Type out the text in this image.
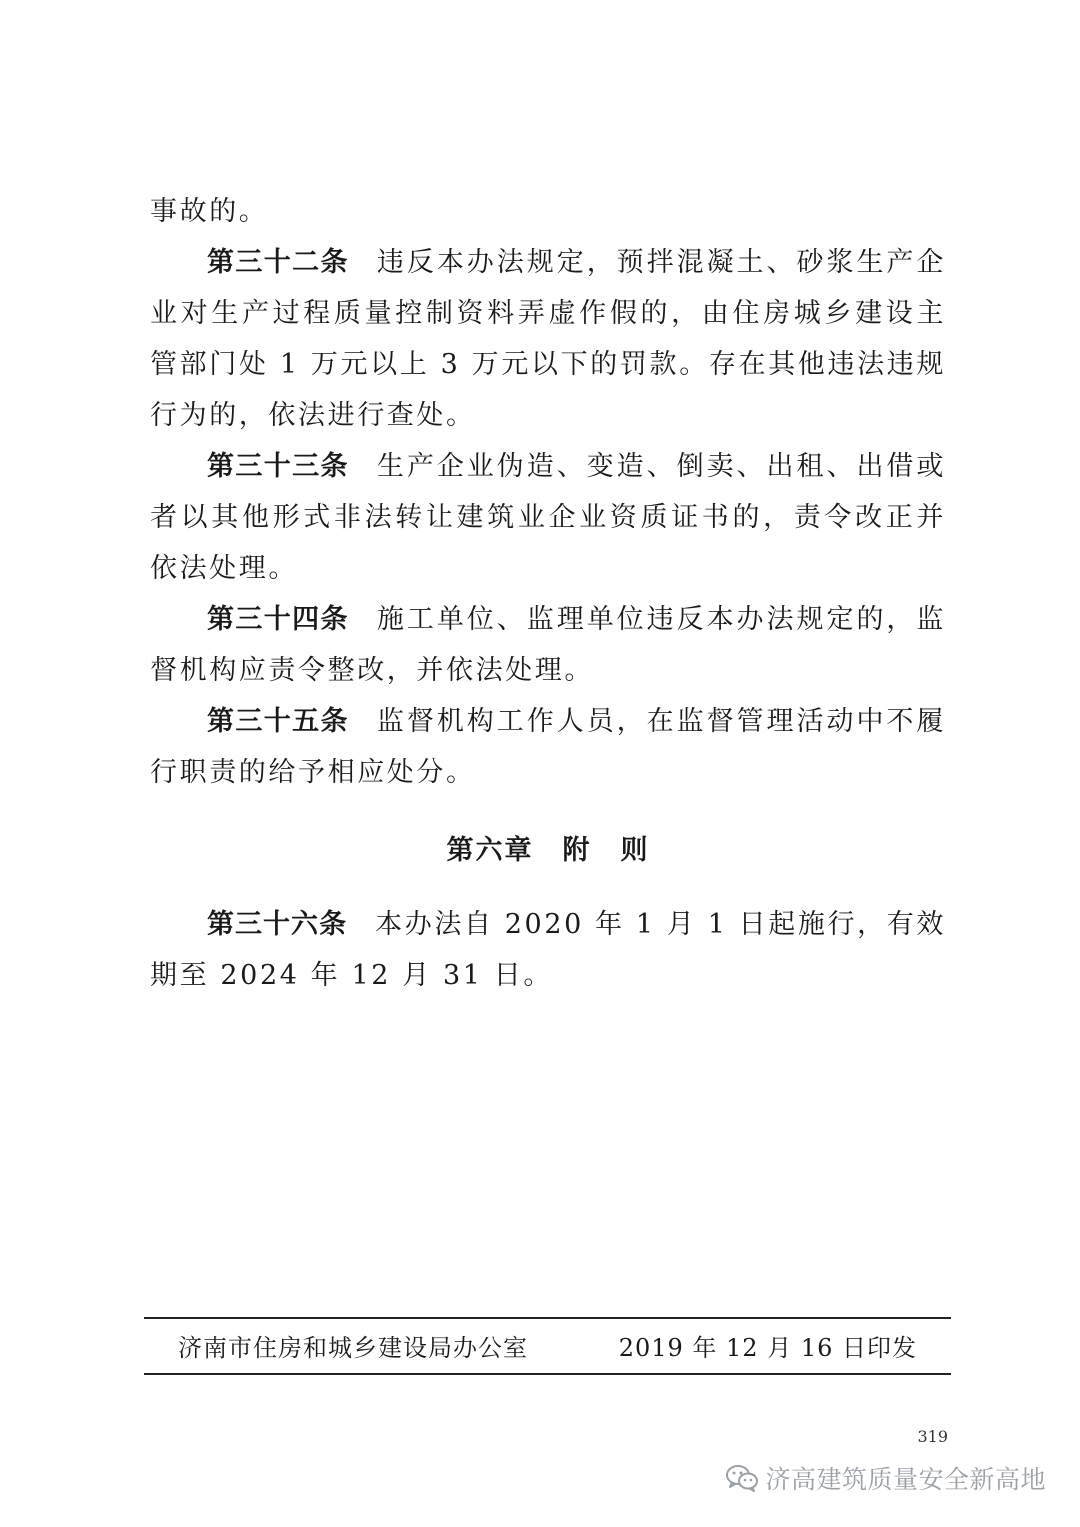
事故的。

第三十二条 违反本办法规定，预拌混凝土、砂浆生产企业对生产过程质量控制资料弄虚作假的，由住房城乡建设主管部门处 1 万元以上 3 万元以下的罚款。存在其他违法违规行为的，依法进行查处。

第三十三条 生产企业伪造、变造、倒卖、出租、出借或者以其他形式非法转让建筑业企业资质证书的，责令改正并依法处理。

第三十四条 施工单位、监理单位违反本办法规定的，监督机构应责令整改，并依法处理。

第三十五条 监督机构工作人员，在监督管理活动中不履行职责的给予相应处分。

第六章　附　则

第三十六条 本办法自 2020 年 1 月 1 日起施行，有效期至 2024 年 12 月 31 日。

济南市住房和城乡建设局办公室	2019 年 12 月 16 日印发
319
济高建筑质量安全新高地
